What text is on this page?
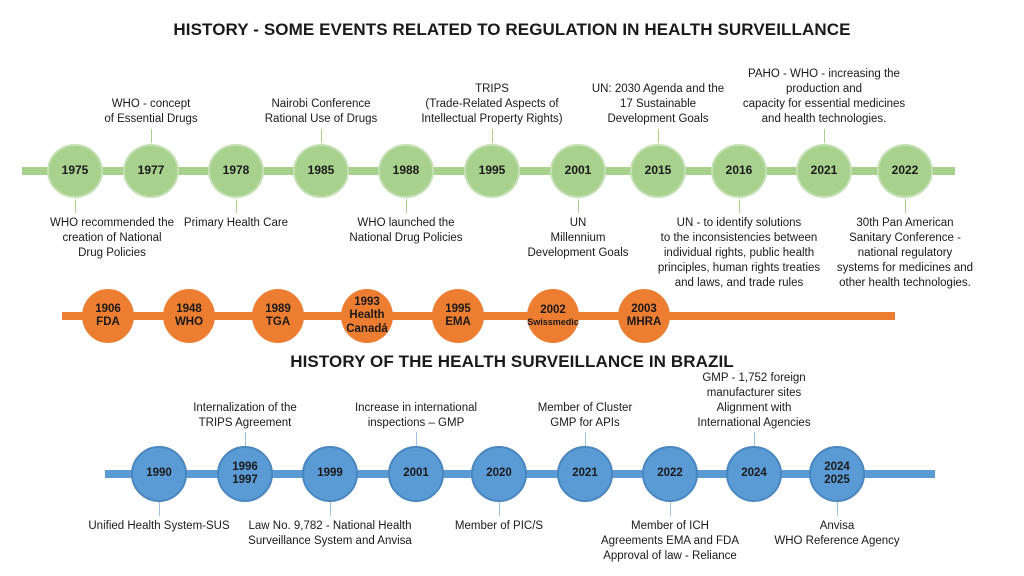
HISTORY - SOME EVENTS RELATED TO REGULATION IN HEALTH SURVEILLANCE
1975
WHO recommended the
creation of National
Drug Policies
1977
WHO - concept
of Essential Drugs
1978
Primary Health Care
1985
Nairobi Conference
Rational Use of Drugs
1988
WHO launched the
National Drug Policies
1995
TRIPS
(Trade-Related Aspects of
Intellectual Property Rights)
2001
UN
Millennium
Development Goals
2015
UN: 2030 Agenda and the
17 Sustainable
Development Goals
2016
UN - to identify solutions
to the inconsistencies between
individual rights, public health
principles, human rights treaties
and laws, and trade rules
2021
PAHO - WHO - increasing the
production and
capacity for essential medicines
and health technologies.
2022
30th Pan American
Sanitary Conference -
national regulatory
systems for medicines and
other health technologies.
1906
FDA
1948
WHO
1989
TGA
1993
Health
Canadá
1995
EMA
2002
Swissmedic
2003
MHRA
HISTORY OF THE HEALTH SURVEILLANCE IN BRAZIL
1990
Unified Health System-SUS
1996
1997
Internalization of the
TRIPS Agreement
1999
Law No. 9,782 - National Health
Surveillance System and Anvisa
2001
Increase in international
inspections – GMP
2020
Member of PIC/S
2021
Member of Cluster
GMP for APIs
2022
Member of ICH
Agreements EMA and FDA
Approval of law - Reliance
2024
GMP - 1,752 foreign
manufacturer sites
Alignment with
International Agencies
2024
2025
Anvisa
WHO Reference Agency
